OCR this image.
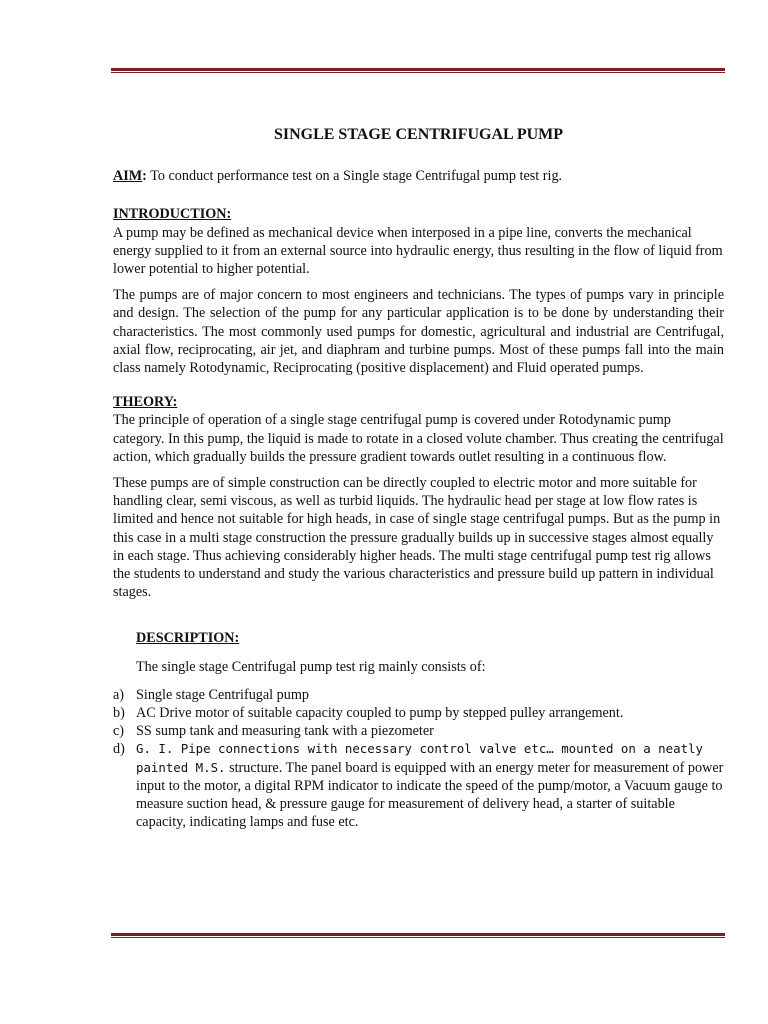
SINGLE STAGE CENTRIFUGAL PUMP

AIM: To conduct performance test on a Single stage Centrifugal pump test rig.

INTRODUCTION:

A pump may be defined as mechanical device when interposed in a pipe line, converts the mechanical energy supplied to it from an external source into hydraulic energy, thus resulting in the flow of liquid from lower potential to higher potential.

The pumps are of major concern to most engineers and technicians. The types of pumps vary in principle and design. The selection of the pump for any particular application is to be done by understanding their characteristics. The most commonly used pumps for domestic, agricultural and industrial are Centrifugal, axial flow, reciprocating, air jet, and diaphram and turbine pumps. Most of these pumps fall into the main class namely Rotodynamic, Reciprocating (positive displacement) and Fluid operated pumps.

THEORY:

The principle of operation of a single stage centrifugal pump is covered under Rotodynamic pump category. In this pump, the liquid is made to rotate in a closed volute chamber. Thus creating the centrifugal action, which gradually builds the pressure gradient towards outlet resulting in a continuous flow.

These pumps are of simple construction can be directly coupled to electric motor and more suitable for handling clear, semi viscous, as well as turbid liquids. The hydraulic head per stage at low flow rates is limited and hence not suitable for high heads, in case of single stage centrifugal pumps. But as the pump in this case in a multi stage construction the pressure gradually builds up in successive stages almost equally in each stage. Thus achieving considerably higher heads. The multi stage centrifugal pump test rig allows the students to understand and study the various characteristics and pressure build up pattern in individual stages.

DESCRIPTION:

The single stage Centrifugal pump test rig mainly consists of:

a) Single stage Centrifugal pump
b) AC Drive motor of suitable capacity coupled to pump by stepped pulley arrangement.
c) SS sump tank and measuring tank with a piezometer
d) G. I. Pipe connections with necessary control valve etc… mounted on a neatly painted M.S. structure. The panel board is equipped with an energy meter for measurement of power input to the motor, a digital RPM indicator to indicate the speed of the pump/motor, a Vacuum gauge to measure suction head, & pressure gauge for measurement of delivery head, a starter of suitable capacity, indicating lamps and fuse etc.
